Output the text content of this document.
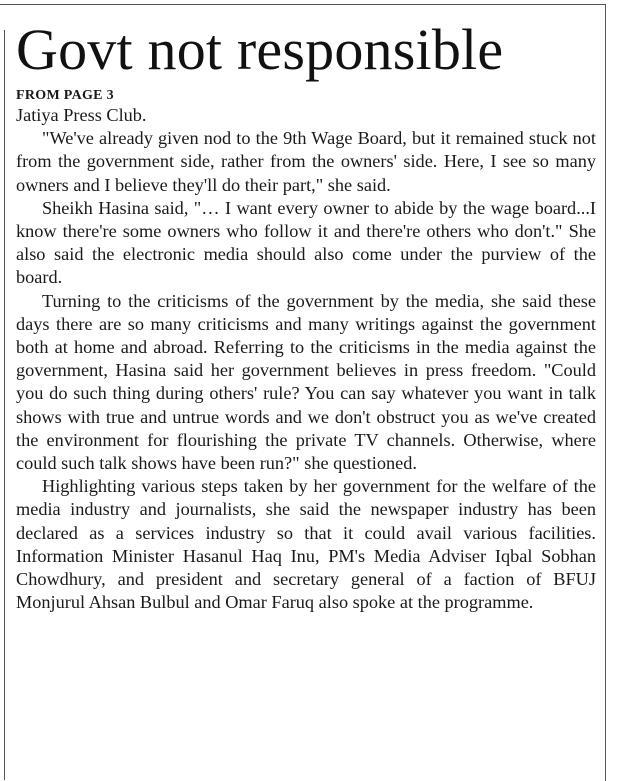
Govt not responsible
FROM PAGE 3

Jatiya Press Club.

"We've already given nod to the 9th Wage Board, but it remained stuck not from the government side, rather from the owners' side. Here, I see so many owners and I believe they'll do their part," she said.

Sheikh Hasina said, "… I want every owner to abide by the wage board...I know there're some owners who follow it and there're others who don't." She also said the electronic media should also come under the purview of the board.

Turning to the criticisms of the government by the media, she said these days there are so many criticisms and many writings against the government both at home and abroad. Referring to the criticisms in the media against the government, Hasina said her government believes in press freedom. "Could you do such thing during others' rule? You can say whatever you want in talk shows with true and untrue words and we don't obstruct you as we've created the environment for flourishing the private TV channels. Otherwise, where could such talk shows have been run?" she questioned.

Highlighting various steps taken by her government for the welfare of the media industry and journalists, she said the newspaper industry has been declared as a services industry so that it could avail various facilities. Information Minister Hasanul Haq Inu, PM's Media Adviser Iqbal Sobhan Chowdhury, and president and secretary general of a faction of BFUJ Monjurul Ahsan Bulbul and Omar Faruq also spoke at the programme.
